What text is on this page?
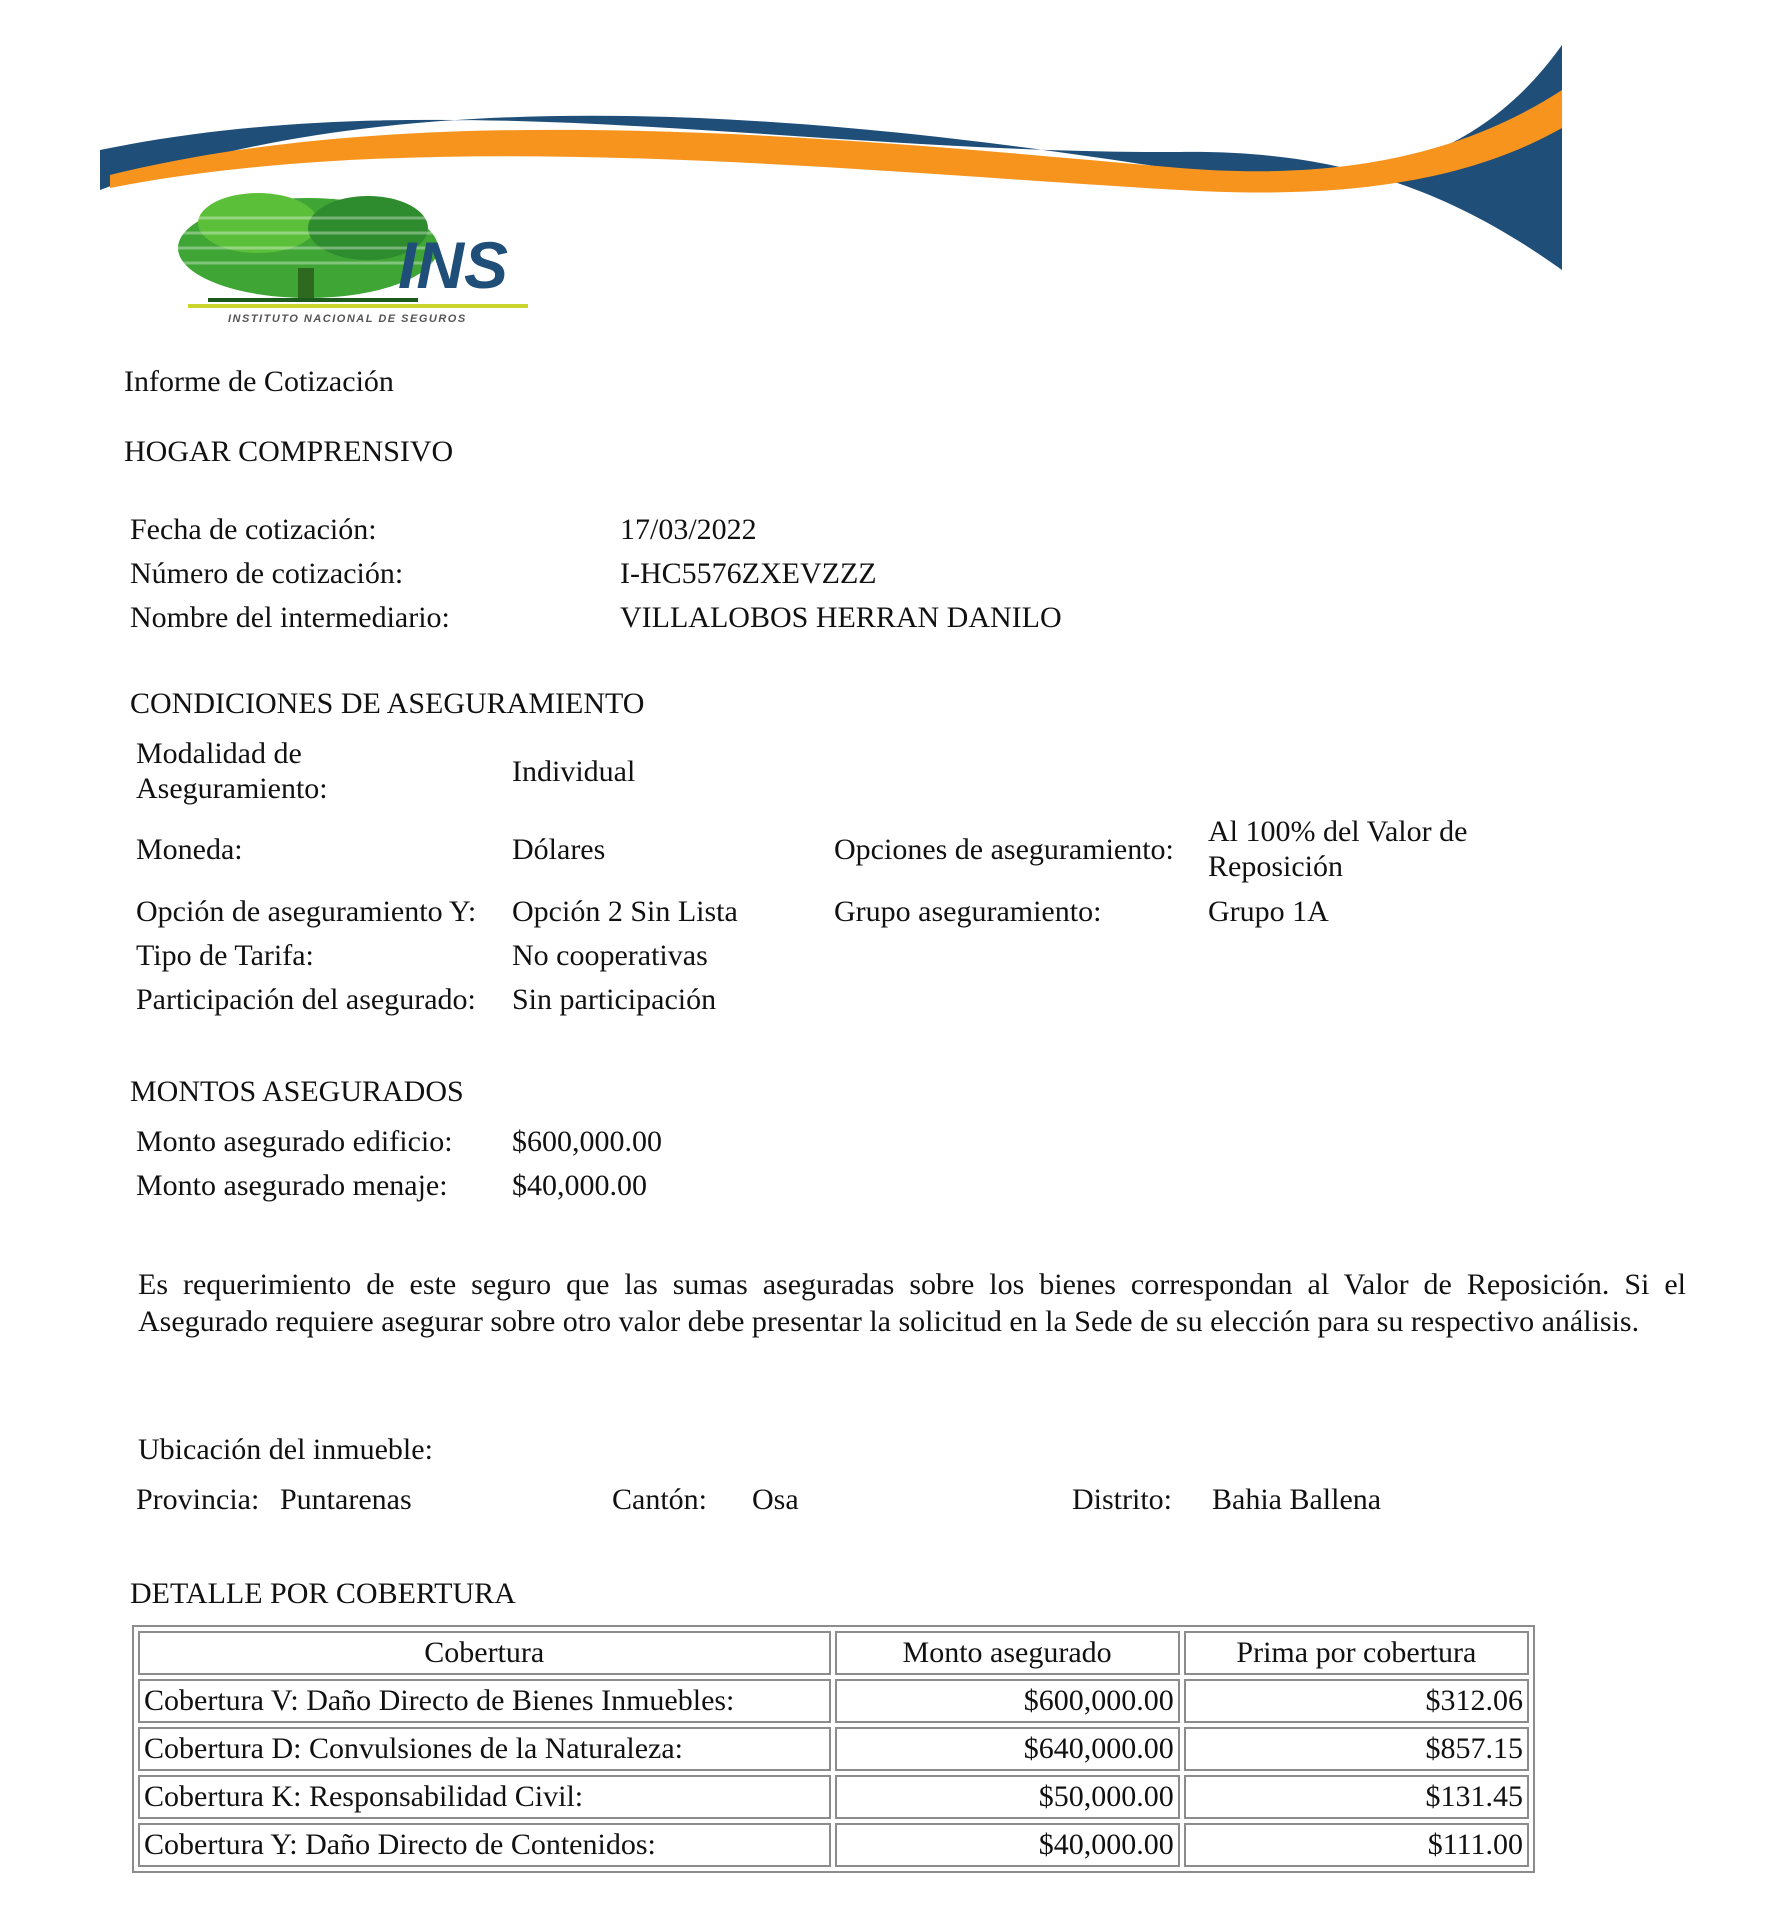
INS
INSTITUTO NACIONAL DE SEGUROS
Informe de Cotización
HOGAR COMPRENSIVO
Fecha de cotización:	17/03/2022
Número de cotización:	I-HC5576ZXEVZZZ
Nombre del intermediario:	VILLALOBOS HERRAN DANILO
CONDICIONES DE ASEGURAMIENTO
Modalidad de
Aseguramiento:
Individual
Moneda:	Dólares	Opciones de aseguramiento:
Al 100% del Valor de
Reposición
Opción de aseguramiento Y: Opción 2 Sin Lista	Grupo aseguramiento:	Grupo 1A
Tipo de Tarifa:	No cooperativas
Participación del asegurado: Sin participación
MONTOS ASEGURADOS
Monto asegurado edificio: $600,000.00
Monto asegurado menaje: $40,000.00
Es requerimiento de este seguro que las sumas aseguradas sobre los bienes correspondan al Valor de Reposición. Si el Asegurado requiere asegurar sobre otro valor debe presentar la solicitud en la Sede de su elección para su respectivo análisis.
Ubicación del inmueble:
Provincia: Puntarenas	Cantón: Osa	Distrito: Bahia Ballena
DETALLE POR COBERTURA
Cobertura	Monto asegurado	Prima por cobertura
Cobertura V: Daño Directo de Bienes Inmuebles:	$600,000.00	$312.06
Cobertura D: Convulsiones de la Naturaleza:	$640,000.00	$857.15
Cobertura K: Responsabilidad Civil:	$50,000.00	$131.45
Cobertura Y: Daño Directo de Contenidos:	$40,000.00	$111.00
